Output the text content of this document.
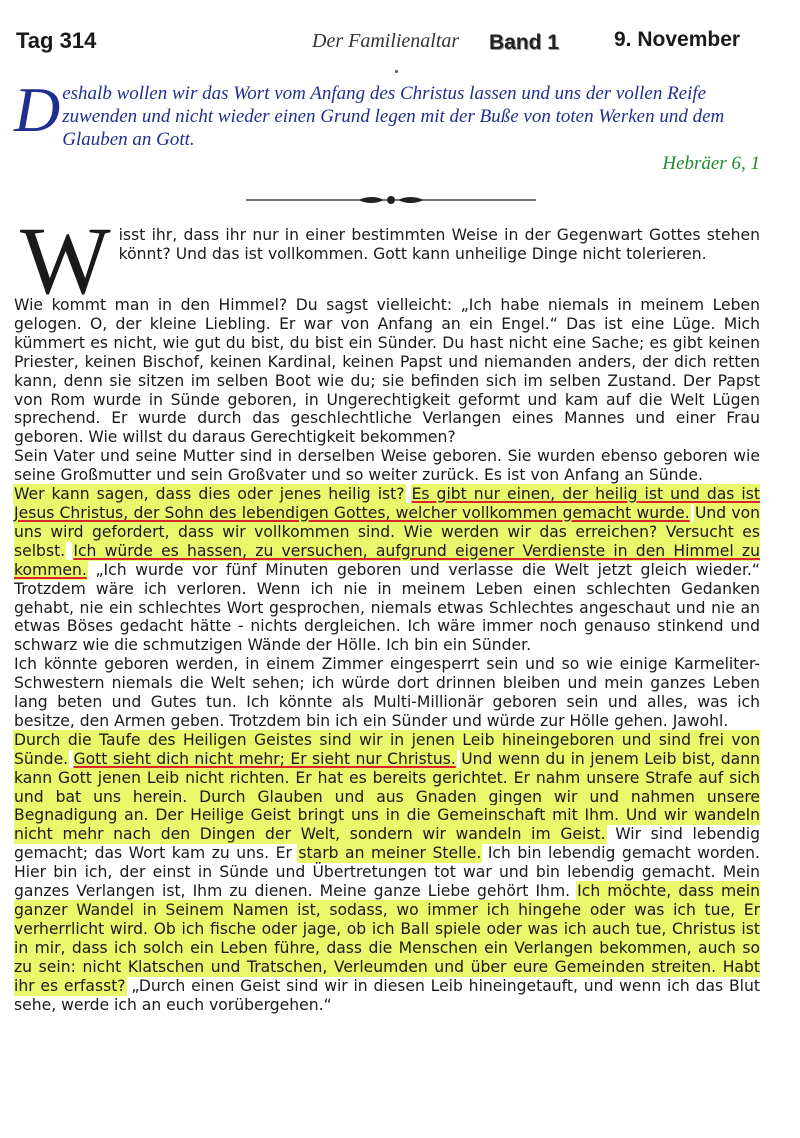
Tag 314	Der Familienaltar Band 1	9. November
Deshalb wollen wir das Wort vom Anfang des Christus lassen und uns der vollen Reife zuwenden und nicht wieder einen Grund legen mit der Buße von toten Werken und dem Glauben an Gott.
Hebräer 6, 1

Wisst ihr, dass ihr nur in einer bestimmten Weise in der Gegenwart Gottes stehen könnt? Und das ist vollkommen. Gott kann unheilige Dinge nicht tolerieren.

Wie kommt man in den Himmel? Du sagst vielleicht: „Ich habe niemals in meinem Leben gelogen. O, der kleine Liebling. Er war von Anfang an ein Engel.“ Das ist eine Lüge. Mich kümmert es nicht, wie gut du bist, du bist ein Sünder. Du hast nicht eine Sache; es gibt keinen Priester, keinen Bischof, keinen Kardinal, keinen Papst und niemanden anders, der dich retten kann, denn sie sitzen im selben Boot wie du; sie befinden sich im selben Zustand. Der Papst von Rom wurde in Sünde geboren, in Ungerechtigkeit geformt und kam auf die Welt Lügen sprechend. Er wurde durch das geschlechtliche Verlangen eines Mannes und einer Frau geboren. Wie willst du daraus Gerechtigkeit bekommen?

Sein Vater und seine Mutter sind in derselben Weise geboren. Sie wurden ebenso geboren wie seine Großmutter und sein Großvater und so weiter zurück. Es ist von Anfang an Sünde.

Wer kann sagen, dass dies oder jenes heilig ist? Es gibt nur einen, der heilig ist und das ist Jesus Christus, der Sohn des lebendigen Gottes, welcher vollkommen gemacht wurde. Und von uns wird gefordert, dass wir vollkommen sind. Wie werden wir das erreichen? Versucht es selbst. Ich würde es hassen, zu versuchen, aufgrund eigener Verdienste in den Himmel zu kommen. „Ich wurde vor fünf Minuten geboren und verlasse die Welt jetzt gleich wieder.“ Trotzdem wäre ich verloren. Wenn ich nie in meinem Leben einen schlechten Gedanken gehabt, nie ein schlechtes Wort gesprochen, niemals etwas Schlechtes angeschaut und nie an etwas Böses gedacht hätte - nichts dergleichen. Ich wäre immer noch genauso stinkend und schwarz wie die schmutzigen Wände der Hölle. Ich bin ein Sünder.

Ich könnte geboren werden, in einem Zimmer eingesperrt sein und so wie einige Karmeliter- Schwestern niemals die Welt sehen; ich würde dort drinnen bleiben und mein ganzes Leben lang beten und Gutes tun. Ich könnte als Multi-Millionär geboren sein und alles, was ich besitze, den Armen geben. Trotzdem bin ich ein Sünder und würde zur Hölle gehen. Jawohl.

Durch die Taufe des Heiligen Geistes sind wir in jenen Leib hineingeboren und sind frei von Sünde. Gott sieht dich nicht mehr; Er sieht nur Christus. Und wenn du in jenem Leib bist, dann kann Gott jenen Leib nicht richten. Er hat es bereits gerichtet. Er nahm unsere Strafe auf sich und bat uns herein. Durch Glauben und aus Gnaden gingen wir und nahmen unsere Begnadigung an. Der Heilige Geist bringt uns in die Gemeinschaft mit Ihm. Und wir wandeln nicht mehr nach den Dingen der Welt, sondern wir wandeln im Geist. Wir sind lebendig gemacht; das Wort kam zu uns. Er starb an meiner Stelle. Ich bin lebendig gemacht worden. Hier bin ich, der einst in Sünde und Übertretungen tot war und bin lebendig gemacht. Mein ganzes Verlangen ist, Ihm zu dienen. Meine ganze Liebe gehört Ihm. Ich möchte, dass mein ganzer Wandel in Seinem Namen ist, sodass, wo immer ich hingehe oder was ich tue, Er verherrlicht wird. Ob ich fische oder jage, ob ich Ball spiele oder was ich auch tue, Christus ist in mir, dass ich solch ein Leben führe, dass die Menschen ein Verlangen bekommen, auch so zu sein: nicht Klatschen und Tratschen, Verleumden und über eure Gemeinden streiten. Habt ihr es erfasst? „Durch einen Geist sind wir in diesen Leib hineingetauft, und wenn ich das Blut sehe, werde ich an euch vorübergehen.“
